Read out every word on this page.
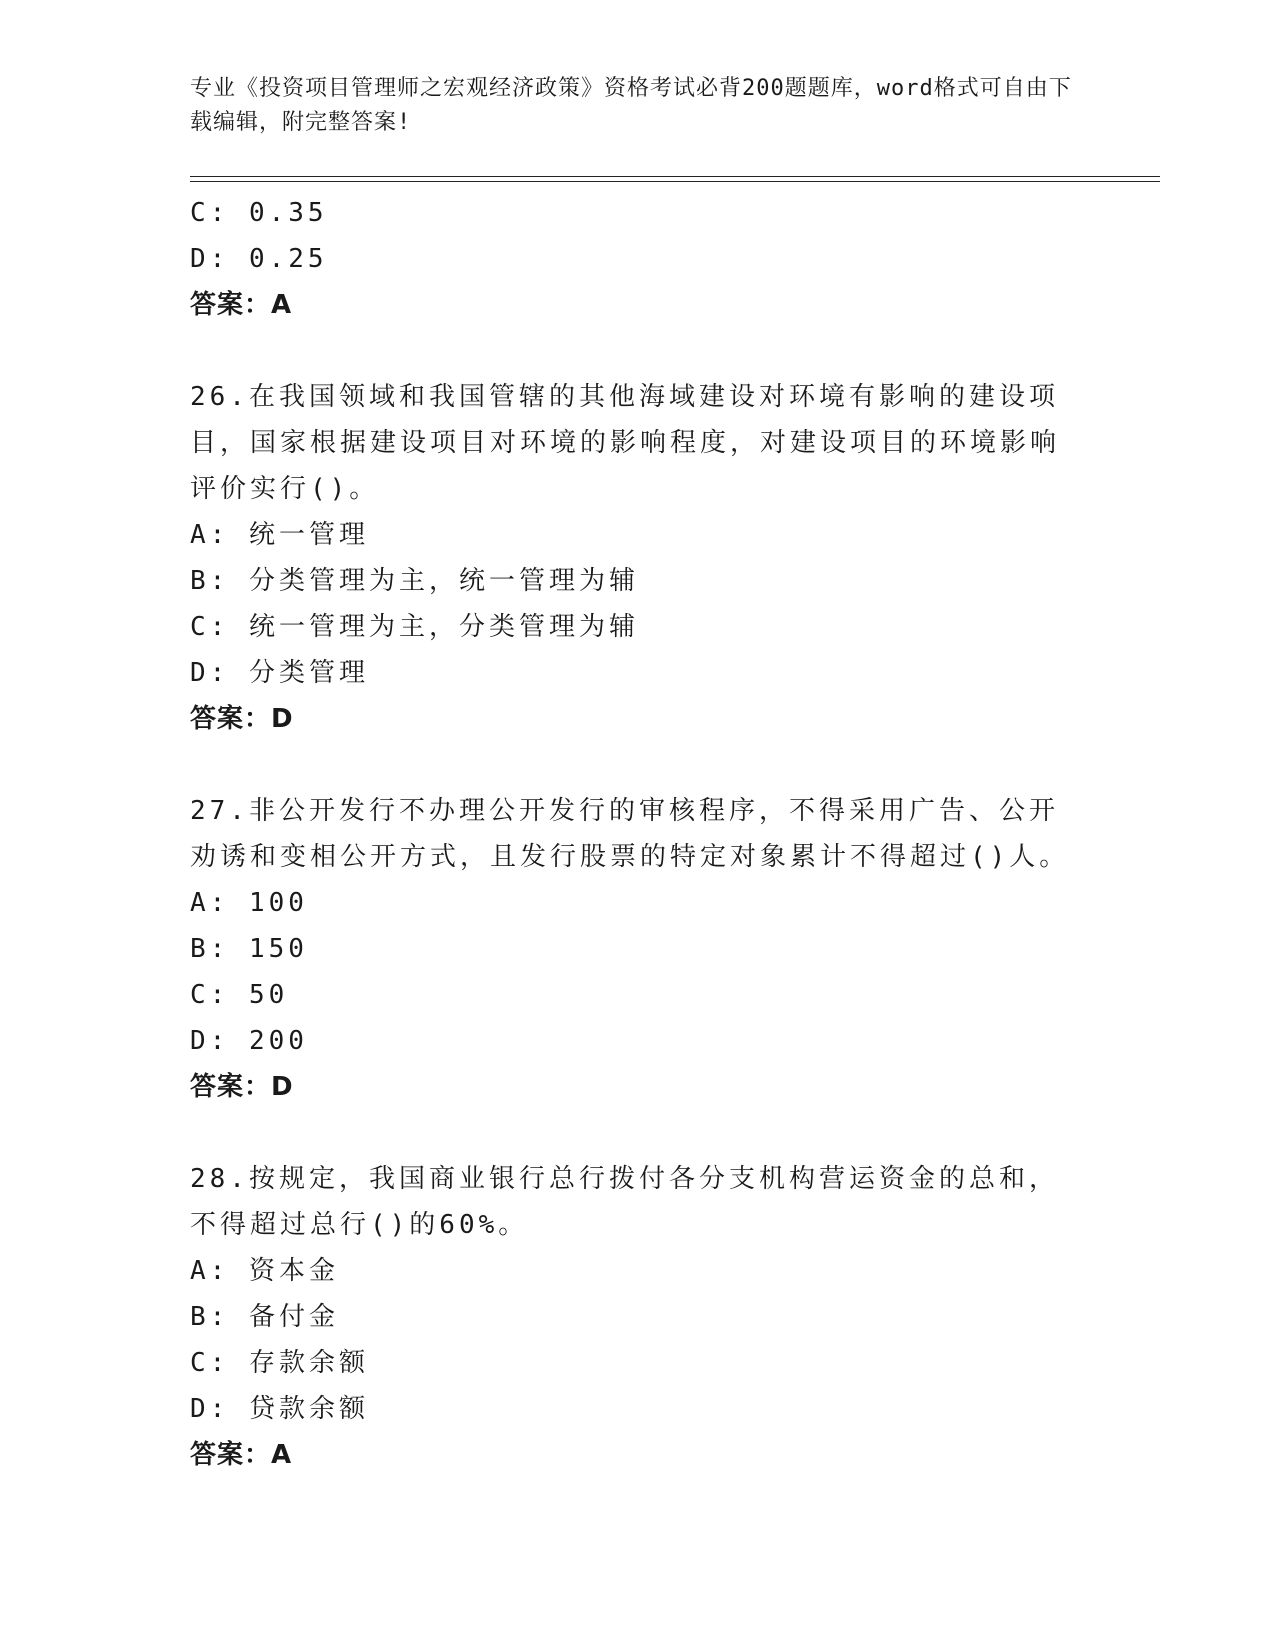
专业《投资项目管理师之宏观经济政策》资格考试必背200题题库，word格式可自由下载编辑，附完整答案!
C: 0.35
D: 0.25
答案：A
26.在我国领域和我国管辖的其他海域建设对环境有影响的建设项目，国家根据建设项目对环境的影响程度，对建设项目的环境影响评价实行()。
A: 统一管理
B: 分类管理为主，统一管理为辅
C: 统一管理为主，分类管理为辅
D: 分类管理
答案：D
27.非公开发行不办理公开发行的审核程序，不得采用广告、公开劝诱和变相公开方式，且发行股票的特定对象累计不得超过()人。
A: 100
B: 150
C: 50
D: 200
答案：D
28.按规定，我国商业银行总行拨付各分支机构营运资金的总和，不得超过总行()的60%。
A: 资本金
B: 备付金
C: 存款余额
D: 贷款余额
答案：A
